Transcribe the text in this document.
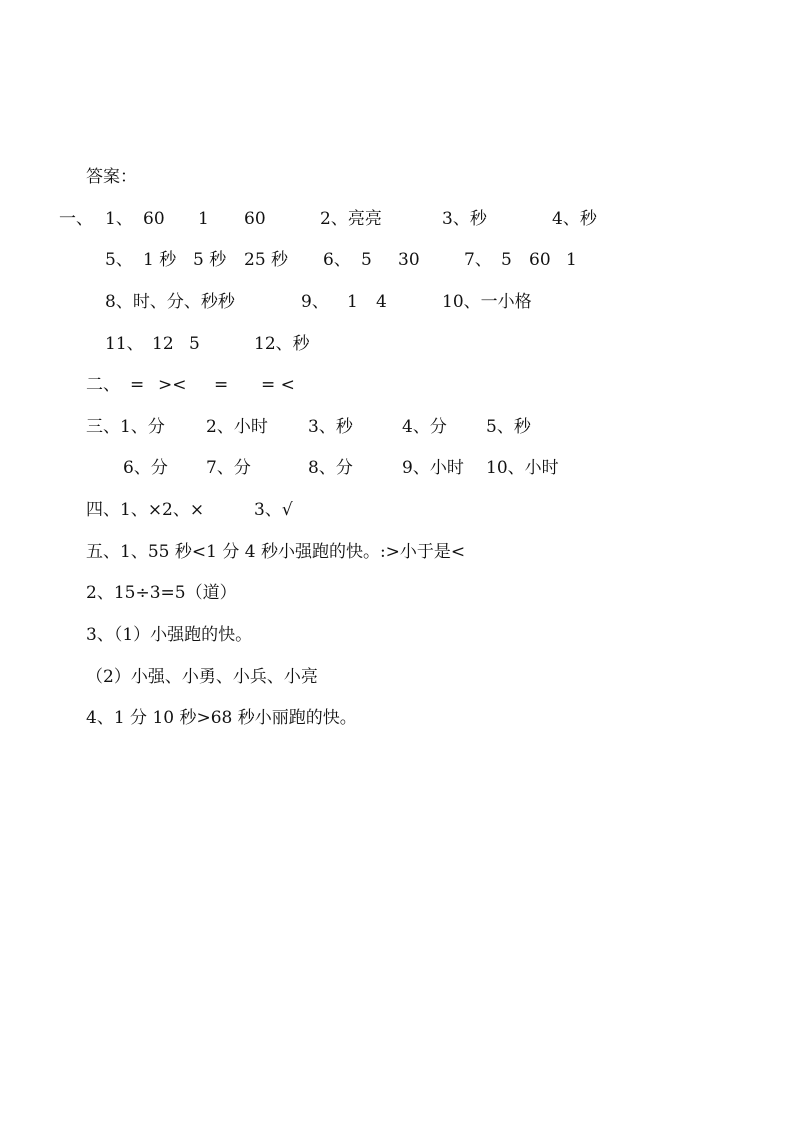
答案：

一、

1、

60

1

60

	2、亮亮

	3、秒

	4、秒

5、

1 秒

5 秒

25 秒

6、

5

30

	7、

5

60

1

8、时、分、秒秒

	9、

1

4

	10、一小格

11、

12

5

	12、秒

二、

=

><

=

= <

三、1、分

2、小时

3、秒

	4、分

5、秒

6、分

7、分

	8、分

	9、小时

10、小时

四、1、×2、×

	3、√

五、1、55 秒<1 分 4 秒小强跑的快。:>小于是<

2、15÷3=5（道）

3、（1）小强跑的快。

（2）小强、小勇、小兵、小亮

4、1 分 10 秒>68 秒小丽跑的快。
